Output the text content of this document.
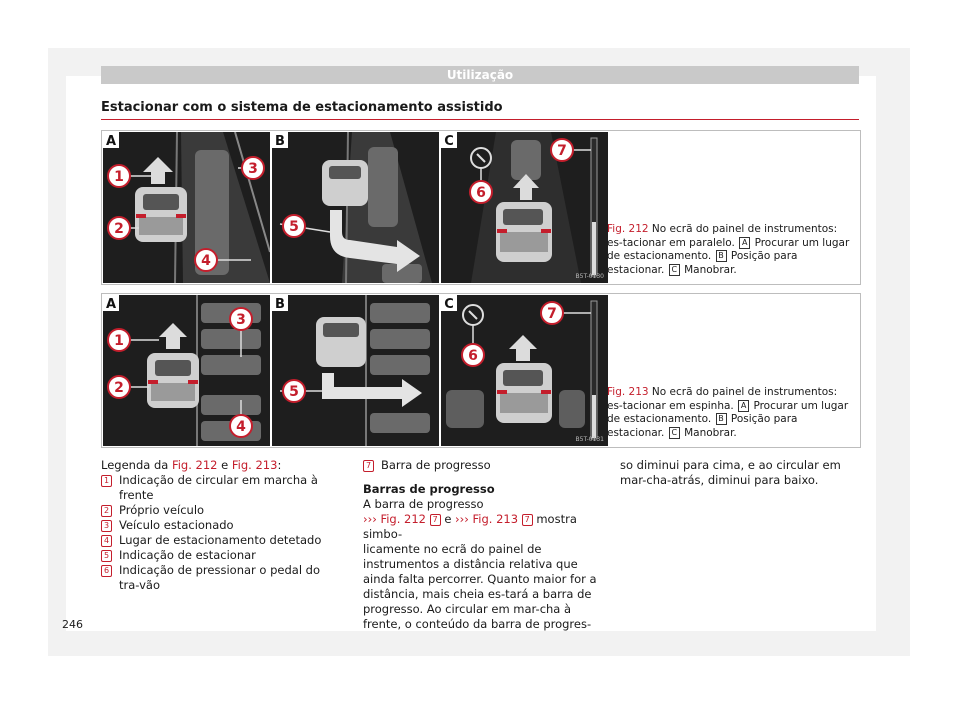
Utilização
Estacionar com o sistema de estacionamento assistido
1
2
3
4
A
5
B
6
7
C
B5T-0130
Fig. 212 No ecrã do painel de instrumentos: es-tacionar em paralelo. A Procurar um lugar de estacionamento. B Posição para estacionar. C Manobrar.
1
2
3
4
A
5
B
6
7
C
B5T-0131
Fig. 213 No ecrã do painel de instrumentos: es-tacionar em espinha. A Procurar um lugar de estacionamento. B Posição para estacionar. C Manobrar.
Legenda da Fig. 212 e Fig. 213:
1 Indicação de circular em marcha à frente
2 Próprio veículo
3 Veículo estacionado
4 Lugar de estacionamento detetado
5 Indicação de estacionar
6 Indicação de pressionar o pedal do tra-vão
7 Barra de progresso
Barras de progresso
A barra de progresso
››› Fig. 212 7 e ››› Fig. 213 7 mostra simbo-
licamente no ecrã do painel de instrumentos a distância relativa que ainda falta percorrer. Quanto maior for a distância, mais cheia es-tará a barra de progresso. Ao circular em mar-cha à frente, o conteúdo da barra de progres-
so diminui para cima, e ao circular em mar-cha-atrás, diminui para baixo.
246
